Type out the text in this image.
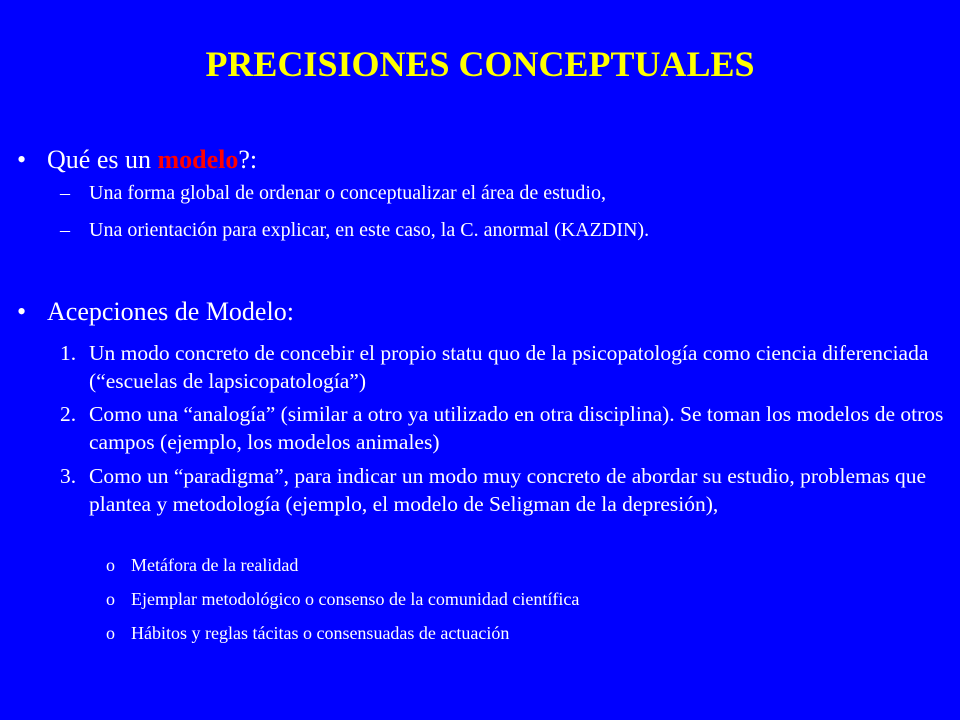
PRECISIONES CONCEPTUALES
• Qué es un modelo?:
– Una forma global de ordenar o conceptualizar el área de estudio,
– Una orientación para explicar, en este caso, la C. anormal (KAZDIN).
• Acepciones de Modelo:
1. Un modo concreto de concebir el propio statu quo de la psicopatología como ciencia diferenciada (“escuelas de lapsicopatología”)
2. Como una “analogía” (similar a otro ya utilizado en otra disciplina). Se toman los modelos de otros campos (ejemplo, los modelos animales)
3. Como un “paradigma”, para indicar un modo muy concreto de abordar su estudio, problemas que plantea y metodología (ejemplo, el modelo de Seligman de la depresión),
o Metáfora de la realidad
o Ejemplar metodológico o consenso de la comunidad científica
o Hábitos y reglas tácitas o consensuadas de actuación
